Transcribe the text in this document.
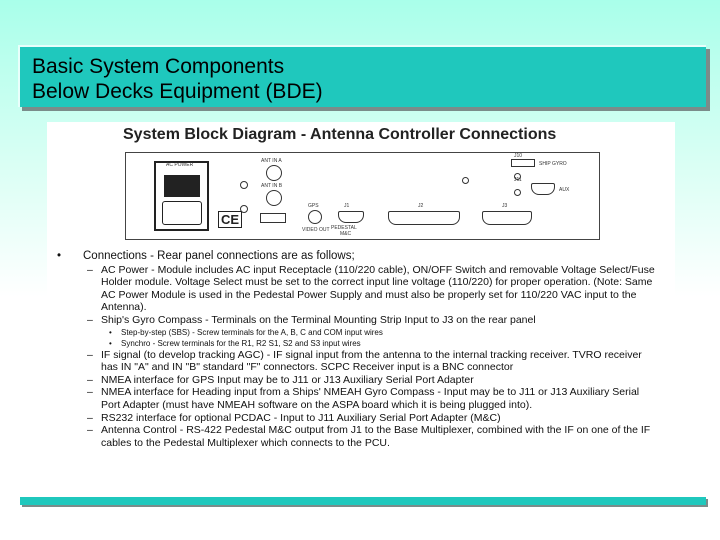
Basic System Components
Below Decks Equipment (BDE)
System Block Diagram - Antenna Controller Connections
AC POWER
CE
ANT IN A
ANT IN B
GPS
VIDEO OUT
J1
PEDESTAL
M&C
J2	J3
J10
J11
AUX
SHIP GYRO
• Connections - Rear panel connections are as follows;
– AC Power - Module includes AC input Receptacle (110/220 cable), ON/OFF Switch and removable Voltage Select/Fuse Holder module. Voltage Select must be set to the correct input line voltage (110/220) for proper operation. (Note: Same AC Power Module is used in the Pedestal Power Supply and must also be properly set for 110/220 VAC input to the Antenna).
– Ship's Gyro Compass - Terminals on the Terminal Mounting Strip Input to J3 on the rear panel
• Step-by-step (SBS) - Screw terminals for the A, B, C and COM input wires
• Synchro - Screw terminals for the R1, R2 S1, S2 and S3 input wires
– IF signal (to develop tracking AGC) - IF signal input from the antenna to the internal tracking receiver. TVRO receiver has IN "A" and IN "B" standard "F" connectors. SCPC Receiver input is a BNC connector
– NMEA interface for GPS Input may be to J11 or J13 Auxiliary Serial Port Adapter
– NMEA interface for Heading input from a Ships' NMEAH Gyro Compass - Input may be to J11 or J13 Auxiliary Serial Port Adapter (must have NMEAH software on the ASPA board which it is being plugged into).
– RS232 interface for optional PCDAC - Input to J11 Auxiliary Serial Port Adapter (M&C)
– Antenna Control - RS-422 Pedestal M&C output from J1 to the Base Multiplexer, combined with the IF on one of the IF cables to the Pedestal Multiplexer which connects to the PCU.
